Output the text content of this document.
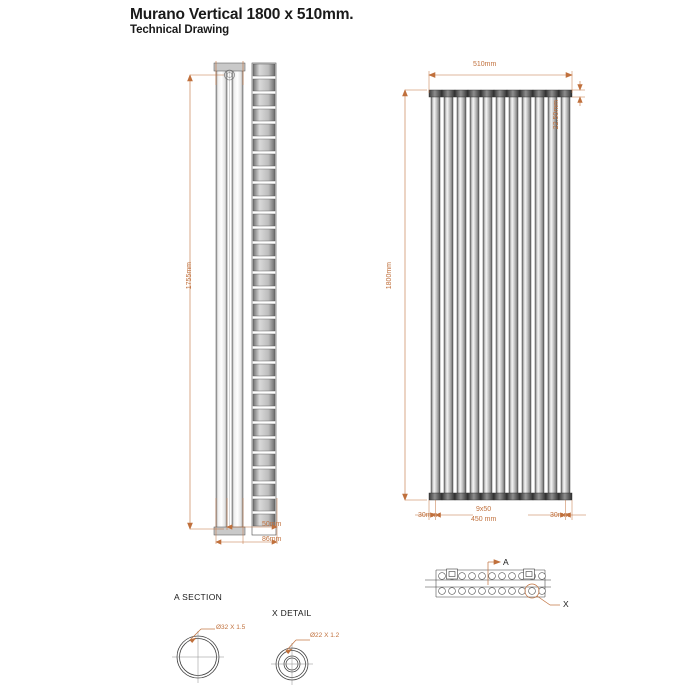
Murano Vertical 1800 x 510mm.
Technical Drawing
1755mm
50mm
86mm
510mm
22.50mm
1800mm
30mm
9x50
450 mm
30mm
A
X
A SECTION
Ø32 X 1.5
X DETAIL
Ø22 X 1.2
